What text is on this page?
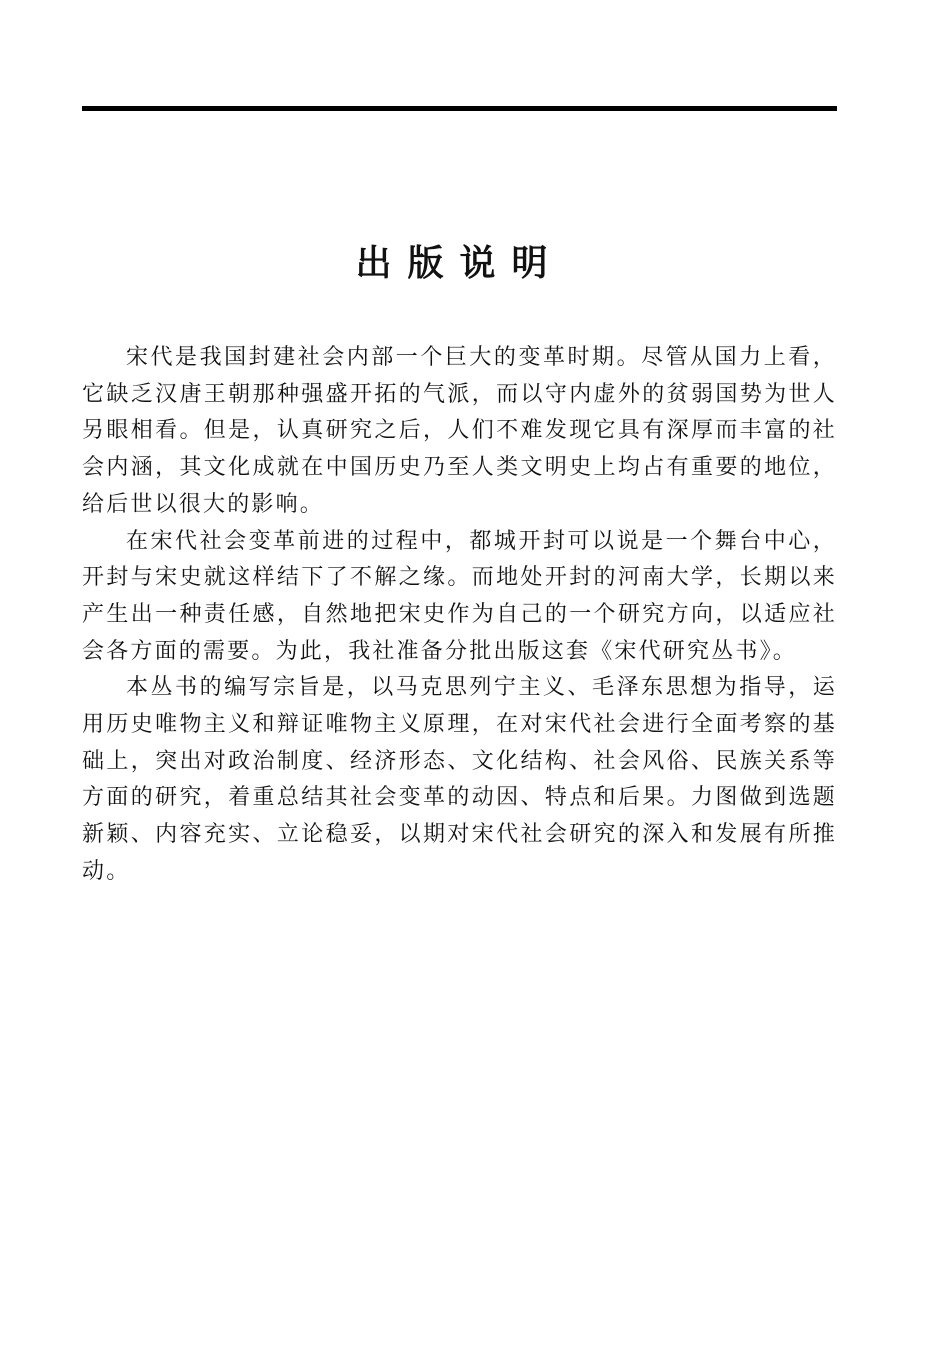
出版说明

宋代是我国封建社会内部一个巨大的变革时期。尽管从国力上看，它缺乏汉唐王朝那种强盛开拓的气派，而以守内虚外的贫弱国势为世人另眼相看。但是，认真研究之后，人们不难发现它具有深厚而丰富的社会内涵，其文化成就在中国历史乃至人类文明史上均占有重要的地位，给后世以很大的影响。

在宋代社会变革前进的过程中，都城开封可以说是一个舞台中心，开封与宋史就这样结下了不解之缘。而地处开封的河南大学，长期以来产生出一种责任感，自然地把宋史作为自己的一个研究方向，以适应社会各方面的需要。为此，我社准备分批出版这套《宋代研究丛书》。

本丛书的编写宗旨是，以马克思列宁主义、毛泽东思想为指导，运用历史唯物主义和辩证唯物主义原理，在对宋代社会进行全面考察的基础上，突出对政治制度、经济形态、文化结构、社会风俗、民族关系等方面的研究，着重总结其社会变革的动因、特点和后果。力图做到选题新颖、内容充实、立论稳妥，以期对宋代社会研究的深入和发展有所推动。
